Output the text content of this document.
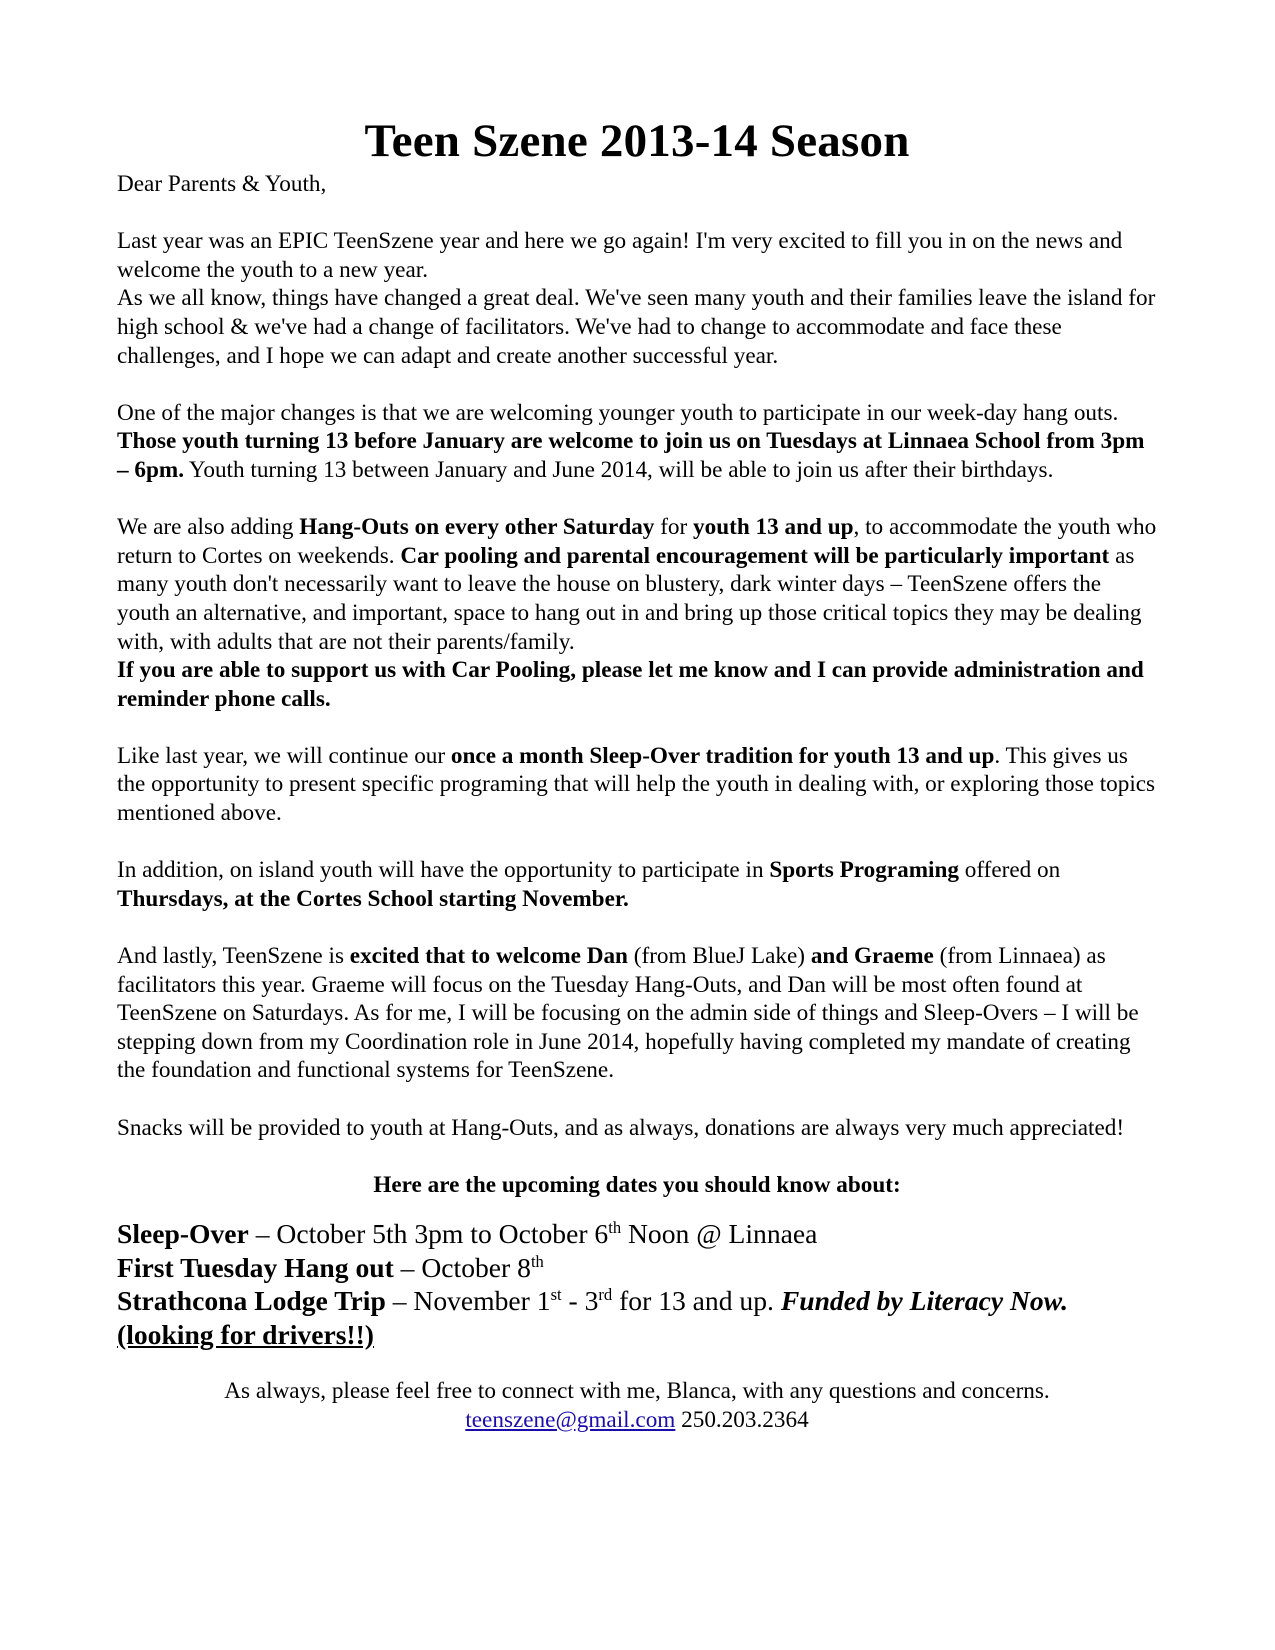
Teen Szene 2013-14 Season

Dear Parents & Youth,

Last year was an EPIC TeenSzene year and here we go again! I'm very excited to fill you in on the news and welcome the youth to a new year.

As we all know, things have changed a great deal. We've seen many youth and their families leave the island for high school & we've had a change of facilitators. We've had to change to accommodate and face these challenges, and I hope we can adapt and create another successful year.

One of the major changes is that we are welcoming younger youth to participate in our week-day hang outs. Those youth turning 13 before January are welcome to join us on Tuesdays at Linnaea School from 3pm – 6pm. Youth turning 13 between January and June 2014, will be able to join us after their birthdays.

We are also adding Hang-Outs on every other Saturday for youth 13 and up, to accommodate the youth who return to Cortes on weekends. Car pooling and parental encouragement will be particularly important as many youth don't necessarily want to leave the house on blustery, dark winter days – TeenSzene offers the youth an alternative, and important, space to hang out in and bring up those critical topics they may be dealing with, with adults that are not their parents/family.

If you are able to support us with Car Pooling, please let me know and I can provide administration and reminder phone calls.

Like last year, we will continue our once a month Sleep-Over tradition for youth 13 and up. This gives us the opportunity to present specific programing that will help the youth in dealing with, or exploring those topics mentioned above.

In addition, on island youth will have the opportunity to participate in Sports Programing offered on Thursdays, at the Cortes School starting November.

And lastly, TeenSzene is excited that to welcome Dan (from BlueJ Lake) and Graeme (from Linnaea) as facilitators this year. Graeme will focus on the Tuesday Hang-Outs, and Dan will be most often found at TeenSzene on Saturdays. As for me, I will be focusing on the admin side of things and Sleep-Overs – I will be stepping down from my Coordination role in June 2014, hopefully having completed my mandate of creating the foundation and functional systems for TeenSzene.

Snacks will be provided to youth at Hang-Outs, and as always, donations are always very much appreciated!

Here are the upcoming dates you should know about:

Sleep-Over – October 5th 3pm to October 6th Noon @ Linnaea

First Tuesday Hang out – October 8th

Strathcona Lodge Trip – November 1st - 3rd for 13 and up. Funded by Literacy Now.

(looking for drivers!!)

As always, please feel free to connect with me, Blanca, with any questions and concerns.

teenszene@gmail.com 250.203.2364
